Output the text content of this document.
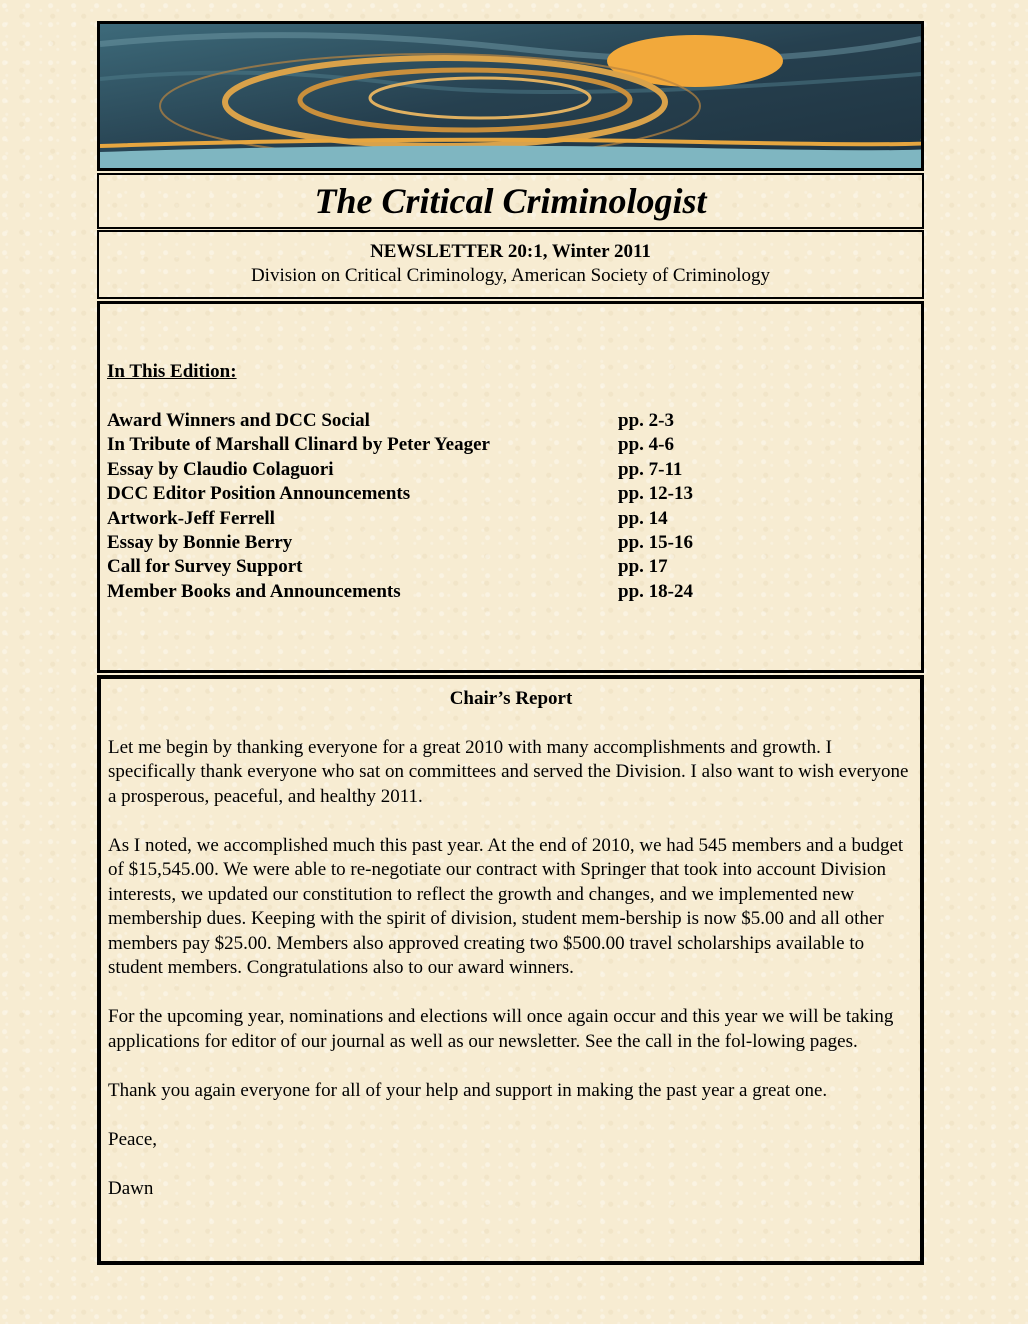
The Critical Criminologist
NEWSLETTER 20:1, Winter 2011
Division on Critical Criminology, American Society of Criminology
In This Edition:
Award Winners and DCC Social	pp. 2-3
In Tribute of Marshall Clinard by Peter Yeager	pp. 4-6
Essay by Claudio Colaguori	pp. 7-11
DCC Editor Position Announcements	pp. 12-13
Artwork-Jeff Ferrell	pp. 14
Essay by Bonnie Berry	pp. 15-16
Call for Survey Support	pp. 17
Member Books and Announcements	pp. 18-24
Chair’s Report

Let me begin by thanking everyone for a great 2010 with many accomplishments and growth. I specifically thank everyone who sat on committees and served the Division. I also want to wish everyone a prosperous, peaceful, and healthy 2011.

As I noted, we accomplished much this past year. At the end of 2010, we had 545 members and a budget of $15,545.00. We were able to re-negotiate our contract with Springer that took into account Division interests, we updated our constitution to reflect the growth and changes, and we implemented new membership dues. Keeping with the spirit of division, student mem-bership is now $5.00 and all other members pay $25.00. Members also approved creating two $500.00 travel scholarships available to student members. Congratulations also to our award winners.

For the upcoming year, nominations and elections will once again occur and this year we will be taking applications for editor of our journal as well as our newsletter. See the call in the fol-lowing pages.

Thank you again everyone for all of your help and support in making the past year a great one.

Peace,

Dawn
